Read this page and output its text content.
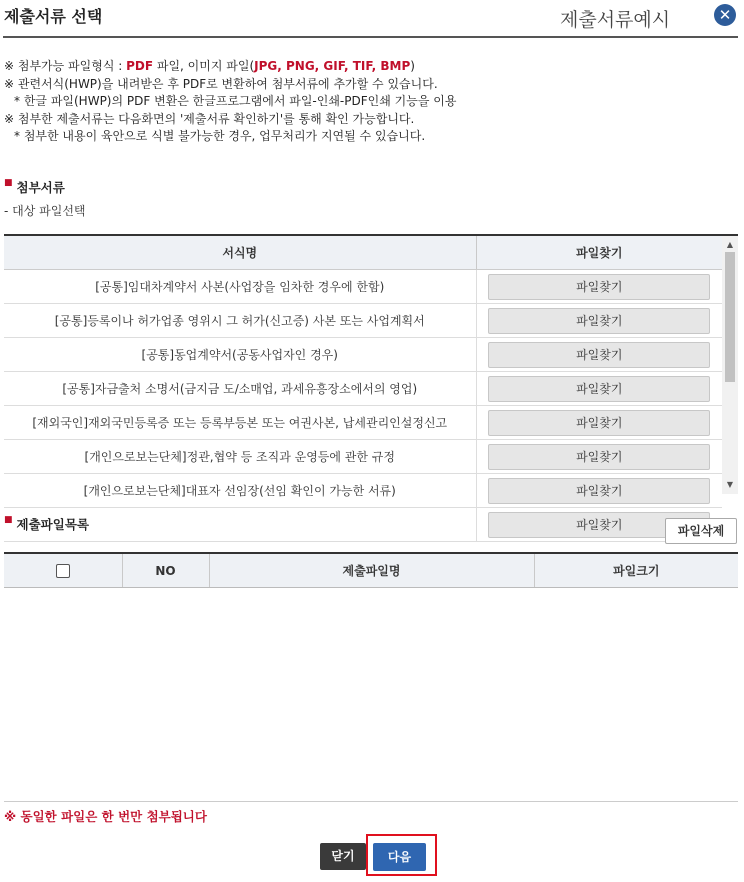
제출서류 선택	제출서류예시	✕
※ 첨부가능 파일형식 : PDF 파일, 이미지 파일(JPG, PNG, GIF, TIF, BMP)
※ 관련서식(HWP)을 내려받은 후 PDF로 변환하여 첨부서류에 추가할 수 있습니다.
* 한글 파일(HWP)의 PDF 변환은 한글프로그램에서 파일-인쇄-PDF인쇄 기능을 이용
※ 첨부한 제출서류는 다음화면의 '제출서류 확인하기'를 통해 확인 가능합니다.
* 첨부한 내용이 육안으로 식별 불가능한 경우, 업무처리가 지연될 수 있습니다.
■ 첨부서류
- 대상 파일선택
서식명	파일찾기
[공통]임대차계약서 사본(사업장을 임차한 경우에 한함)	파일찾기
[공통]등록이나 허가업종 영위시 그 허가(신고증) 사본 또는 사업계획서	파일찾기
[공통]동업계약서(공동사업자인 경우)	파일찾기
[공통]자금출처 소명서(금지금 도/소매업, 과세유흥장소에서의 영업)	파일찾기
[재외국인]재외국민등록증 또는 등록부등본 또는 여권사본, 납세관리인설정신고	파일찾기
[개인으로보는단체]정관,협약 등 조직과 운영등에 관한 규정	파일찾기
[개인으로보는단체]대표자 선임장(선임 확인이 가능한 서류)	파일찾기
	파일찾기
▲
▼
■ 제출파일목록	파일삭제
	NO	제출파일명	파일크기
※ 동일한 파일은 한 번만 첨부됩니다
닫기	다음
